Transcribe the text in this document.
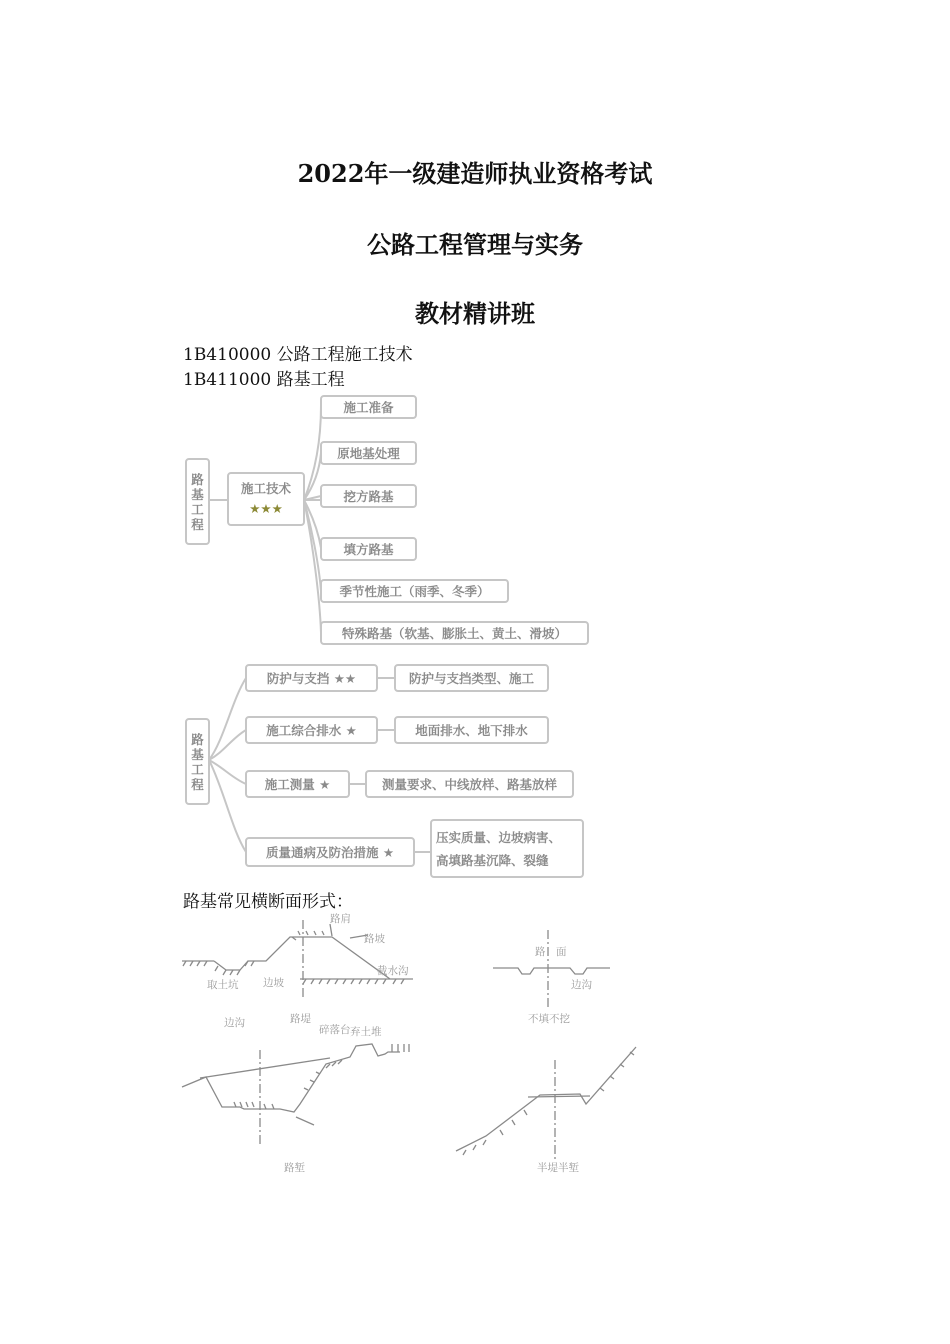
2022年一级建造师执业资格考试
公路工程管理与实务
教材精讲班
1B410000 公路工程施工技术
1B411000 路基工程
路
基
工
程
施工技术
★★★
施工准备
原地基处理
挖方路基
填方路基
季节性施工（雨季、冬季）
特殊路基（软基、膨胀土、黄土、滑坡）
路
基
工
程
防护与支挡
★★	防护与支挡类型、施工
施工综合排水
★	地面排水、地下排水
施工测量
★	测量要求、中线放样、路基放样
质量通病及防治措施
★
压实质量、边坡病害、
高填路基沉降、裂缝
路基常见横断面形式：
路肩
路坡
取土坑
路堤
路　面
边沟
不填不挖
弃土堆
截水沟
边坡
边沟
碎落台
路堑	半堤半堑
